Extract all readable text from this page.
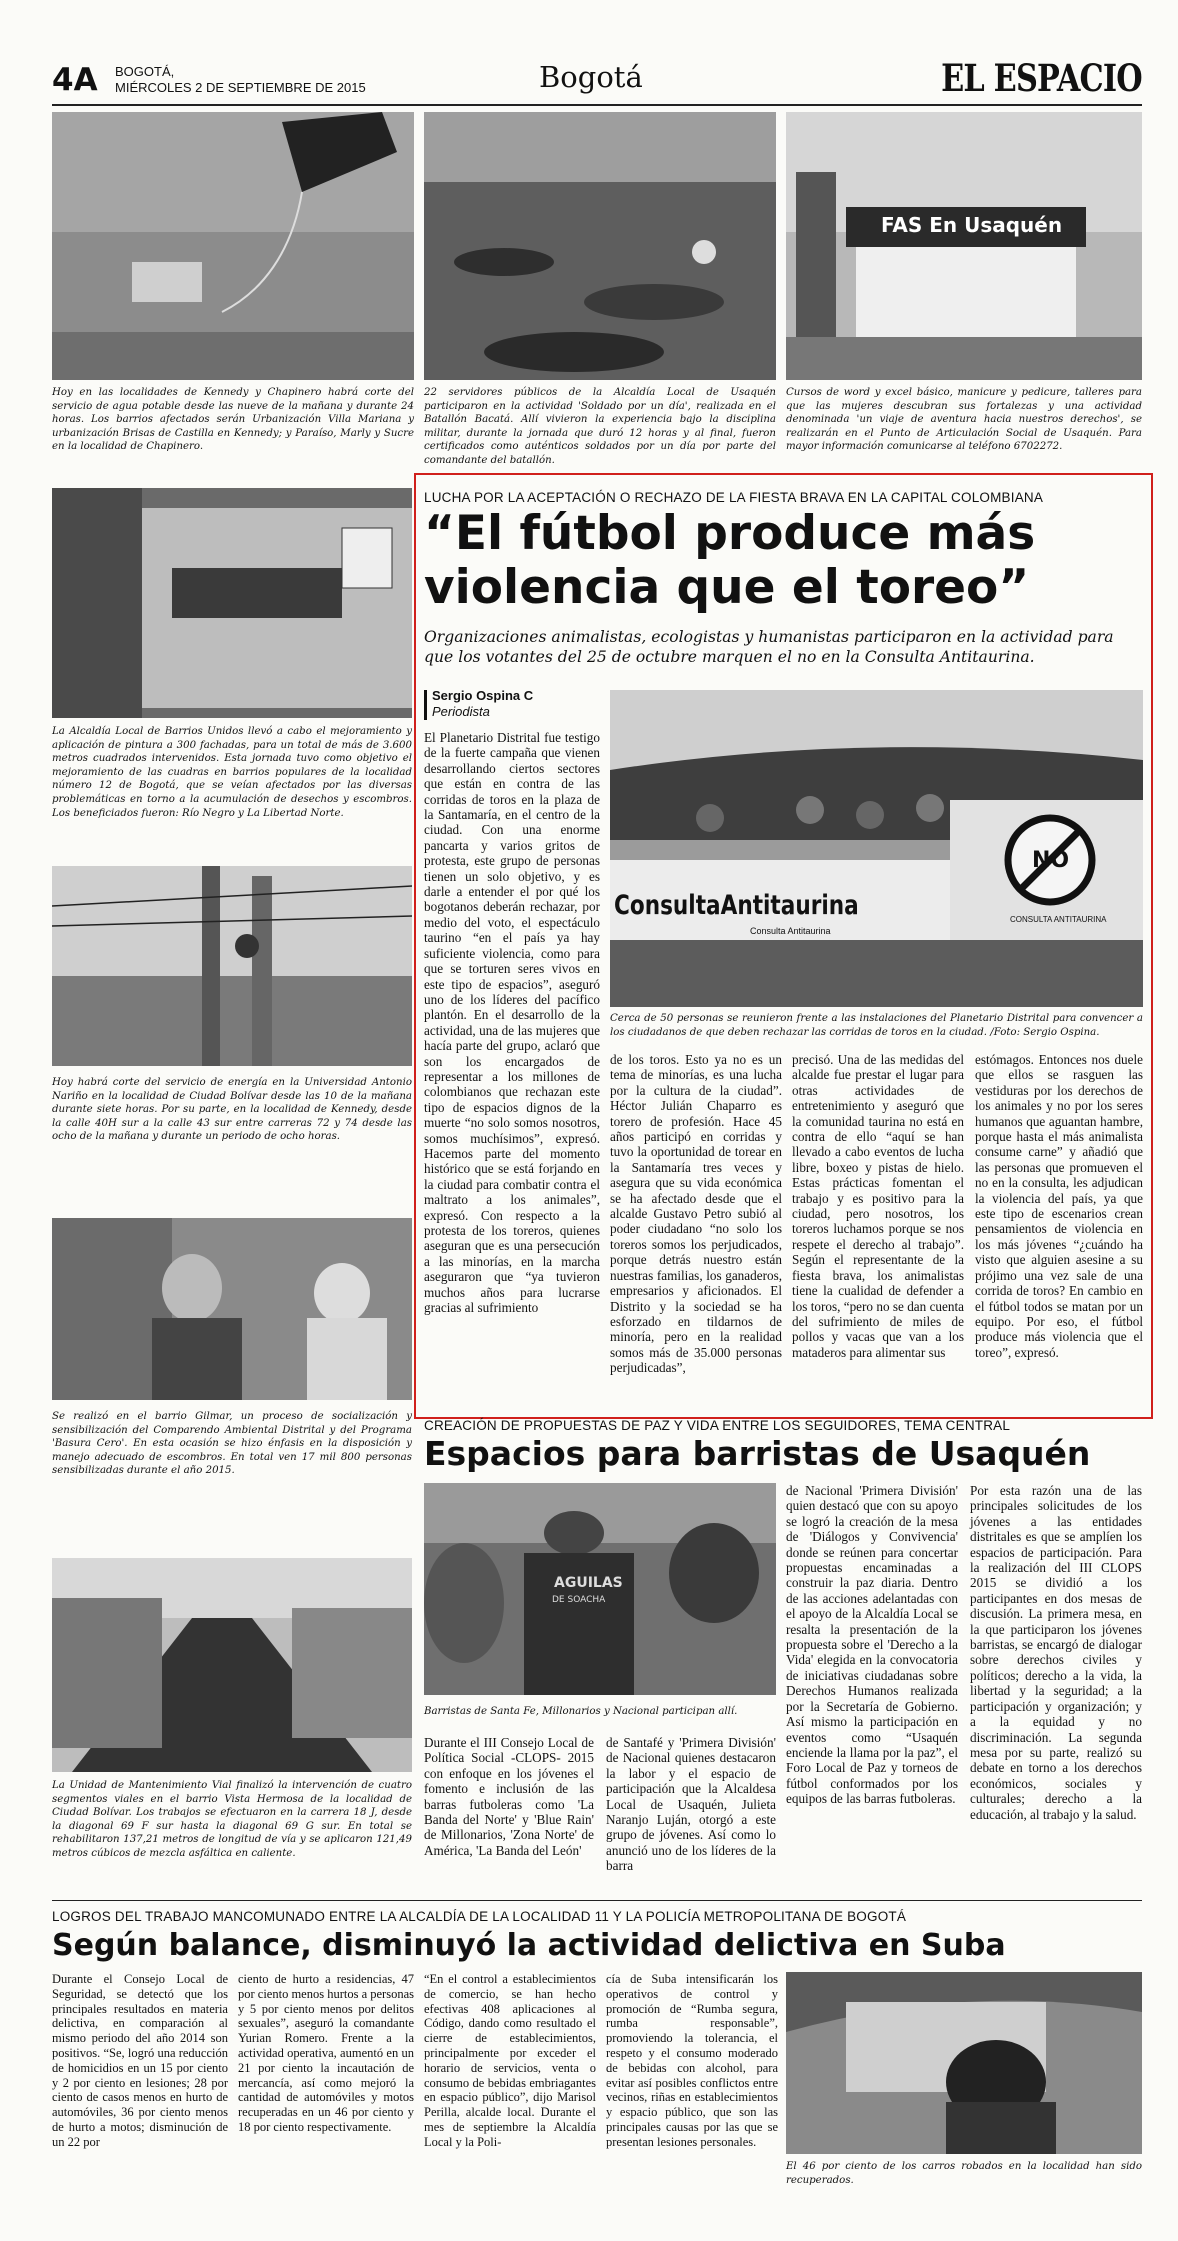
4A BOGOTÁ,
MIÉRCOLES 2 DE SEPTIEMBRE DE 2015	Bogotá	EL ESPACIO
FAS En Usaquén

Hoy en las localidades de Kennedy y Chapinero habrá corte del servicio de agua potable desde las nueve de la mañana y durante 24 horas. Los barrios afectados serán Urbanización Villa Mariana y urbanización Brisas de Castilla en Kennedy; y Paraíso, Marly y Sucre en la localidad de Chapinero.

22 servidores públicos de la Alcaldía Local de Usaquén participaron en la actividad 'Soldado por un día', realizada en el Batallón Bacatá. Allí vivieron la experiencia bajo la disciplina militar, durante la jornada que duró 12 horas y al final, fueron certificados como auténticos soldados por un día por parte del comandante del batallón.

Cursos de word y excel básico, manicure y pedicure, talleres para que las mujeres descubran sus fortalezas y una actividad denominada 'un viaje de aventura hacia nuestros derechos', se realizarán en el Punto de Articulación Social de Usaquén. Para mayor información comunicarse al teléfono 6702272.

La Alcaldía Local de Barrios Unidos llevó a cabo el mejoramiento y aplicación de pintura a 300 fachadas, para un total de más de 3.600 metros cuadrados intervenidos. Esta jornada tuvo como objetivo el mejoramiento de las cuadras en barrios populares de la localidad número 12 de Bogotá, que se veían afectados por las diversas problemáticas en torno a la acumulación de desechos y escombros. Los beneficiados fueron: Río Negro y La Libertad Norte.

Hoy habrá corte del servicio de energía en la Universidad Antonio Nariño en la localidad de Ciudad Bolívar desde las 10 de la mañana durante siete horas. Por su parte, en la localidad de Kennedy, desde la calle 40H sur a la calle 43 sur entre carreras 72 y 74 desde las ocho de la mañana y durante un periodo de ocho horas.

Se realizó en el barrio Gilmar, un proceso de socialización y sensibilización del Comparendo Ambiental Distrital y del Programa 'Basura Cero'. En esta ocasión se hizo énfasis en la disposición y manejo adecuado de escombros. En total ven 17 mil 800 personas sensibilizadas durante el año 2015.

La Unidad de Mantenimiento Vial finalizó la intervención de cuatro segmentos viales en el barrio Vista Hermosa de la localidad de Ciudad Bolívar. Los trabajos se efectuaron en la carrera 18 J, desde la diagonal 69 F sur hasta la diagonal 69 G sur. En total se rehabilitaron 137,21 metros de longitud de vía y se aplicaron 121,49 metros cúbicos de mezcla asfáltica en caliente.

LUCHA POR LA ACEPTACIÓN O RECHAZO DE LA FIESTA BRAVA EN LA CAPITAL COLOMBIANA
“El fútbol produce más
violencia que el toreo”

Organizaciones animalistas, ecologistas y humanistas participaron en la actividad para que los votantes del 25 de octubre marquen el no en la Consulta Antitaurina.

Sergio Ospina C
Periodista
ConsultaAntitaurina
Consulta Antitaurina
NO
CONSULTA ANTITAURINA

Cerca de 50 personas se reunieron frente a las instalaciones del Planetario Distrital para convencer a los ciudadanos de que deben rechazar las corridas de toros en la ciudad. /Foto: Sergio Ospina.

El Planetario Distrital fue testigo de la fuerte campaña que vienen desarrollando ciertos sectores que están en contra de las corridas de toros en la plaza de la Santamaría, en el centro de la ciudad. Con una enorme pancarta y varios gritos de protesta, este grupo de personas tienen un solo objetivo, y es darle a entender el por qué los bogotanos deberán rechazar, por medio del voto, el espectáculo taurino “en el país ya hay suficiente violencia, como para que se torturen seres vivos en este tipo de espacios”, aseguró uno de los líderes del pacífico plantón. En el desarrollo de la actividad, una de las mujeres que hacía parte del grupo, aclaró que son los encargados de representar a los millones de colombianos que rechazan este tipo de espacios dignos de la muerte “no solo somos nosotros, somos muchísimos”, expresó. Hacemos parte del momento histórico que se está forjando en la ciudad para combatir contra el maltrato a los animales”, expresó. Con respecto a la protesta de los toreros, quienes aseguran que es una persecución a las minorías, en la marcha aseguraron que “ya tuvieron muchos años para lucrarse gracias al sufrimiento

de los toros. Esto ya no es un tema de minorías, es una lucha por la cultura de la ciudad”. Héctor Julián Chaparro es torero de profesión. Hace 45 años participó en corridas y tuvo la oportunidad de torear en la Santamaría tres veces y asegura que su vida económica se ha afectado desde que el alcalde Gustavo Petro subió al poder ciudadano “no solo los toreros somos los perjudicados, porque detrás nuestro están nuestras familias, los ganaderos, empresarios y aficionados. El Distrito y la sociedad se ha esforzado en tildarnos de minoría, pero en la realidad somos más de 35.000 personas perjudicadas”,

precisó. Una de las medidas del alcalde fue prestar el lugar para otras actividades de entretenimiento y aseguró que la comunidad taurina no está en contra de ello “aquí se han llevado a cabo eventos de lucha libre, boxeo y pistas de hielo. Estas prácticas fomentan el trabajo y es positivo para la ciudad, pero nosotros, los toreros luchamos porque se nos respete el derecho al trabajo”. Según el representante de la fiesta brava, los animalistas tiene la cualidad de defender a los toros, “pero no se dan cuenta del sufrimiento de miles de pollos y vacas que van a los mataderos para alimentar sus

estómagos. Entonces nos duele que ellos se rasguen las vestiduras por los derechos de los animales y no por los seres humanos que aguantan hambre, porque hasta el más animalista consume carne” y añadió que las personas que promueven el no en la consulta, les adjudican la violencia del país, ya que este tipo de escenarios crean pensamientos de violencia en los más jóvenes “¿cuándo ha visto que alguien asesine a su prójimo una vez sale de una corrida de toros? En cambio en el fútbol todos se matan por un equipo. Por eso, el fútbol produce más violencia que el toreo”, expresó.

CREACIÓN DE PROPUESTAS DE PAZ Y VIDA ENTRE LOS SEGUIDORES, TEMA CENTRAL
Espacios para barristas de Usaquén
AGUILAS
DE SOACHA

Barristas de Santa Fe, Millonarios y Nacional participan allí.

Durante el III Consejo Local de Política Social -CLOPS- 2015 con enfoque en los jóvenes el fomento e inclusión de las barras futboleras como 'La Banda del Norte' y 'Blue Rain' de Millonarios, 'Zona Norte' de América, 'La Banda del León'

de Santafé y 'Primera División' de Nacional quienes destacaron la labor y el espacio de participación que la Alcaldesa Local de Usaquén, Julieta Naranjo Luján, otorgó a este grupo de jóvenes. Así como lo anunció uno de los líderes de la barra

de Nacional 'Primera División' quien destacó que con su apoyo se logró la creación de la mesa de 'Diálogos y Convivencia' donde se reúnen para concertar propuestas encaminadas a construir la paz diaria. Dentro de las acciones adelantadas con el apoyo de la Alcaldía Local se resalta la presentación de la propuesta sobre el 'Derecho a la Vida' elegida en la convocatoria de iniciativas ciudadanas sobre Derechos Humanos realizada por la Secretaría de Gobierno. Así mismo la participación en eventos como “Usaquén enciende la llama por la paz”, el Foro Local de Paz y torneos de fútbol conformados por los equipos de las barras futboleras.

Por esta razón una de las principales solicitudes de los jóvenes a las entidades distritales es que se amplíen los espacios de participación. Para la realización del III CLOPS 2015 se dividió a los participantes en dos mesas de discusión. La primera mesa, en la que participaron los jóvenes barristas, se encargó de dialogar sobre derechos civiles y políticos; derecho a la vida, la libertad y la seguridad; a la participación y organización; y a la equidad y no discriminación. La segunda mesa por su parte, realizó su debate en torno a los derechos económicos, sociales y culturales; derecho a la educación, al trabajo y la salud.

LOGROS DEL TRABAJO MANCOMUNADO ENTRE LA ALCALDÍA DE LA LOCALIDAD 11 Y LA POLICÍA METROPOLITANA DE BOGOTÁ
Según balance, disminuyó la actividad delictiva en Suba

Durante el Consejo Local de Seguridad, se detectó que los principales resultados en materia delictiva, en comparación al mismo periodo del año 2014 son positivos. “Se, logró una reducción de homicidios en un 15 por ciento y 2 por ciento en lesiones; 28 por ciento de casos menos en hurto de automóviles, 36 por ciento menos de hurto a motos; disminución de un 22 por

ciento de hurto a residencias, 47 por ciento menos hurtos a personas y 5 por ciento menos por delitos sexuales”, aseguró la comandante Yurian Romero. Frente a la actividad operativa, aumentó en un 21 por ciento la incautación de mercancía, así como mejoró la cantidad de automóviles y motos recuperadas en un 46 por ciento y 18 por ciento respectivamente.

“En el control a establecimientos de comercio, se han hecho efectivas 408 aplicaciones al Código, dando como resultado el cierre de establecimientos, principalmente por exceder el horario de servicios, venta o consumo de bebidas embriagantes en espacio público”, dijo Marisol Perilla, alcalde local. Durante el mes de septiembre la Alcaldía Local y la Poli-

cía de Suba intensificarán los operativos de control y promoción de “Rumba segura, rumba responsable”, promoviendo la tolerancia, el respeto y el consumo moderado de bebidas con alcohol, para evitar así posibles conflictos entre vecinos, riñas en establecimientos y espacio público, que son las principales causas por las que se presentan lesiones personales.

El 46 por ciento de los carros robados en la localidad han sido recuperados.
